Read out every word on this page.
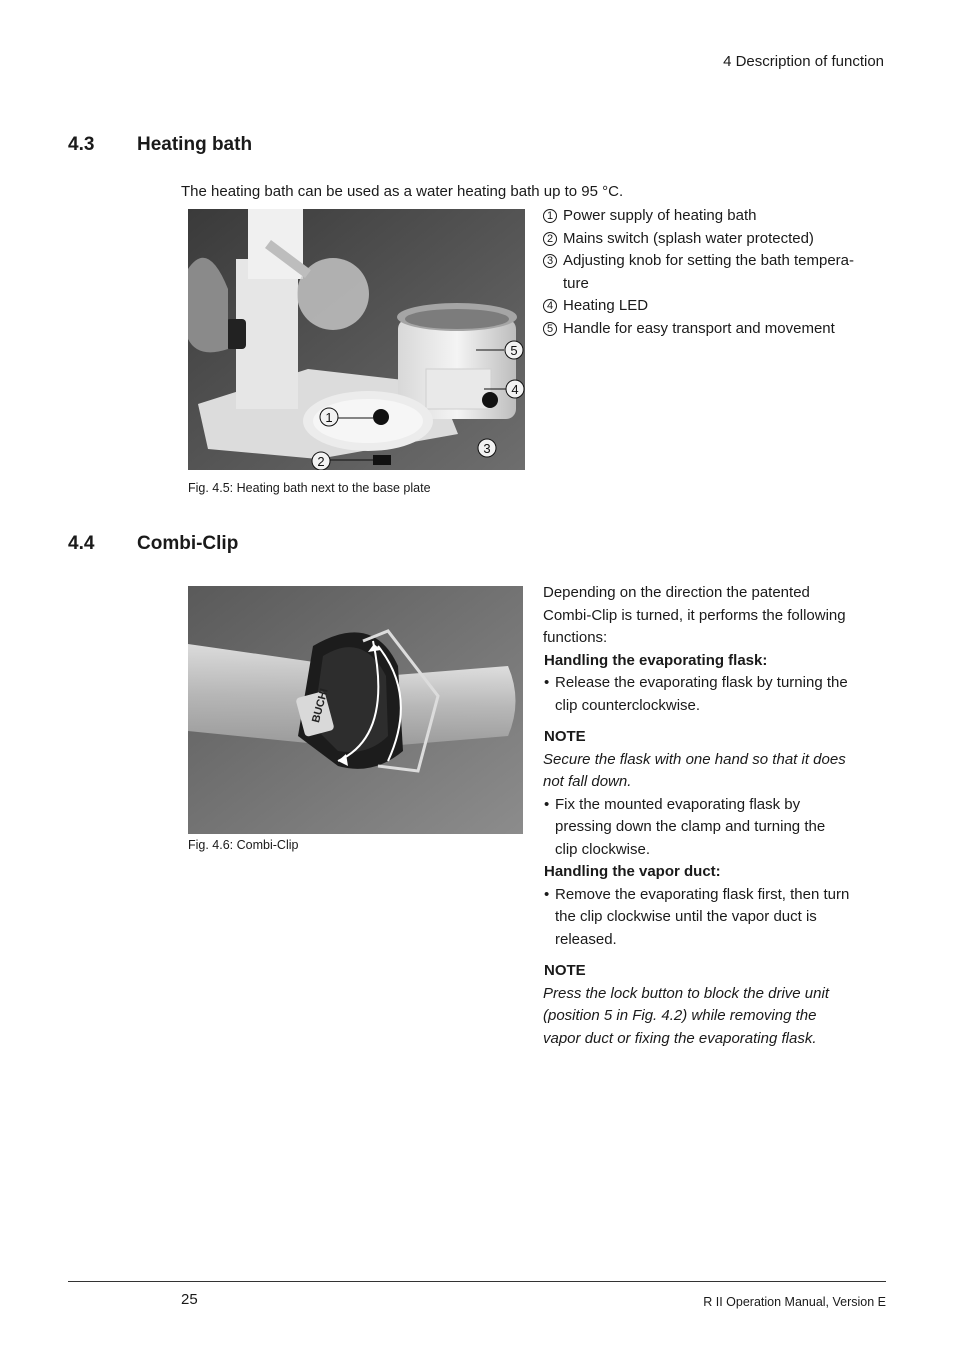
4 Description of function
4.3 Heating bath
The heating bath can be used as a water heating bath up to 95 °C.
1
2
3
4
5
Fig. 4.5: Heating bath next to the base plate
1 Power supply of heating bath
2 Mains switch (splash water protected)
3 Adjusting knob for setting the bath tempera-
ture
4 Heating LED
5 Handle for easy transport and movement
4.4 Combi-Clip
BUCHI
Fig. 4.6: Combi-Clip
Depending on the direction the patented
Combi-Clip is turned, it performs the following
functions:
Handling the evaporating flask:
• Release the evaporating flask by turning the
clip counterclockwise.
NOTE
Secure the flask with one hand so that it does
not fall down.
• Fix the mounted evaporating flask by
pressing down the clamp and turning the
clip clockwise.
Handling the vapor duct:
• Remove the evaporating flask first, then turn
the clip clockwise until the vapor duct is
released.
NOTE
Press the lock button to block the drive unit
(position 5 in Fig. 4.2) while removing the
vapor duct or fixing the evaporating flask.
25	R II Operation Manual, Version E
